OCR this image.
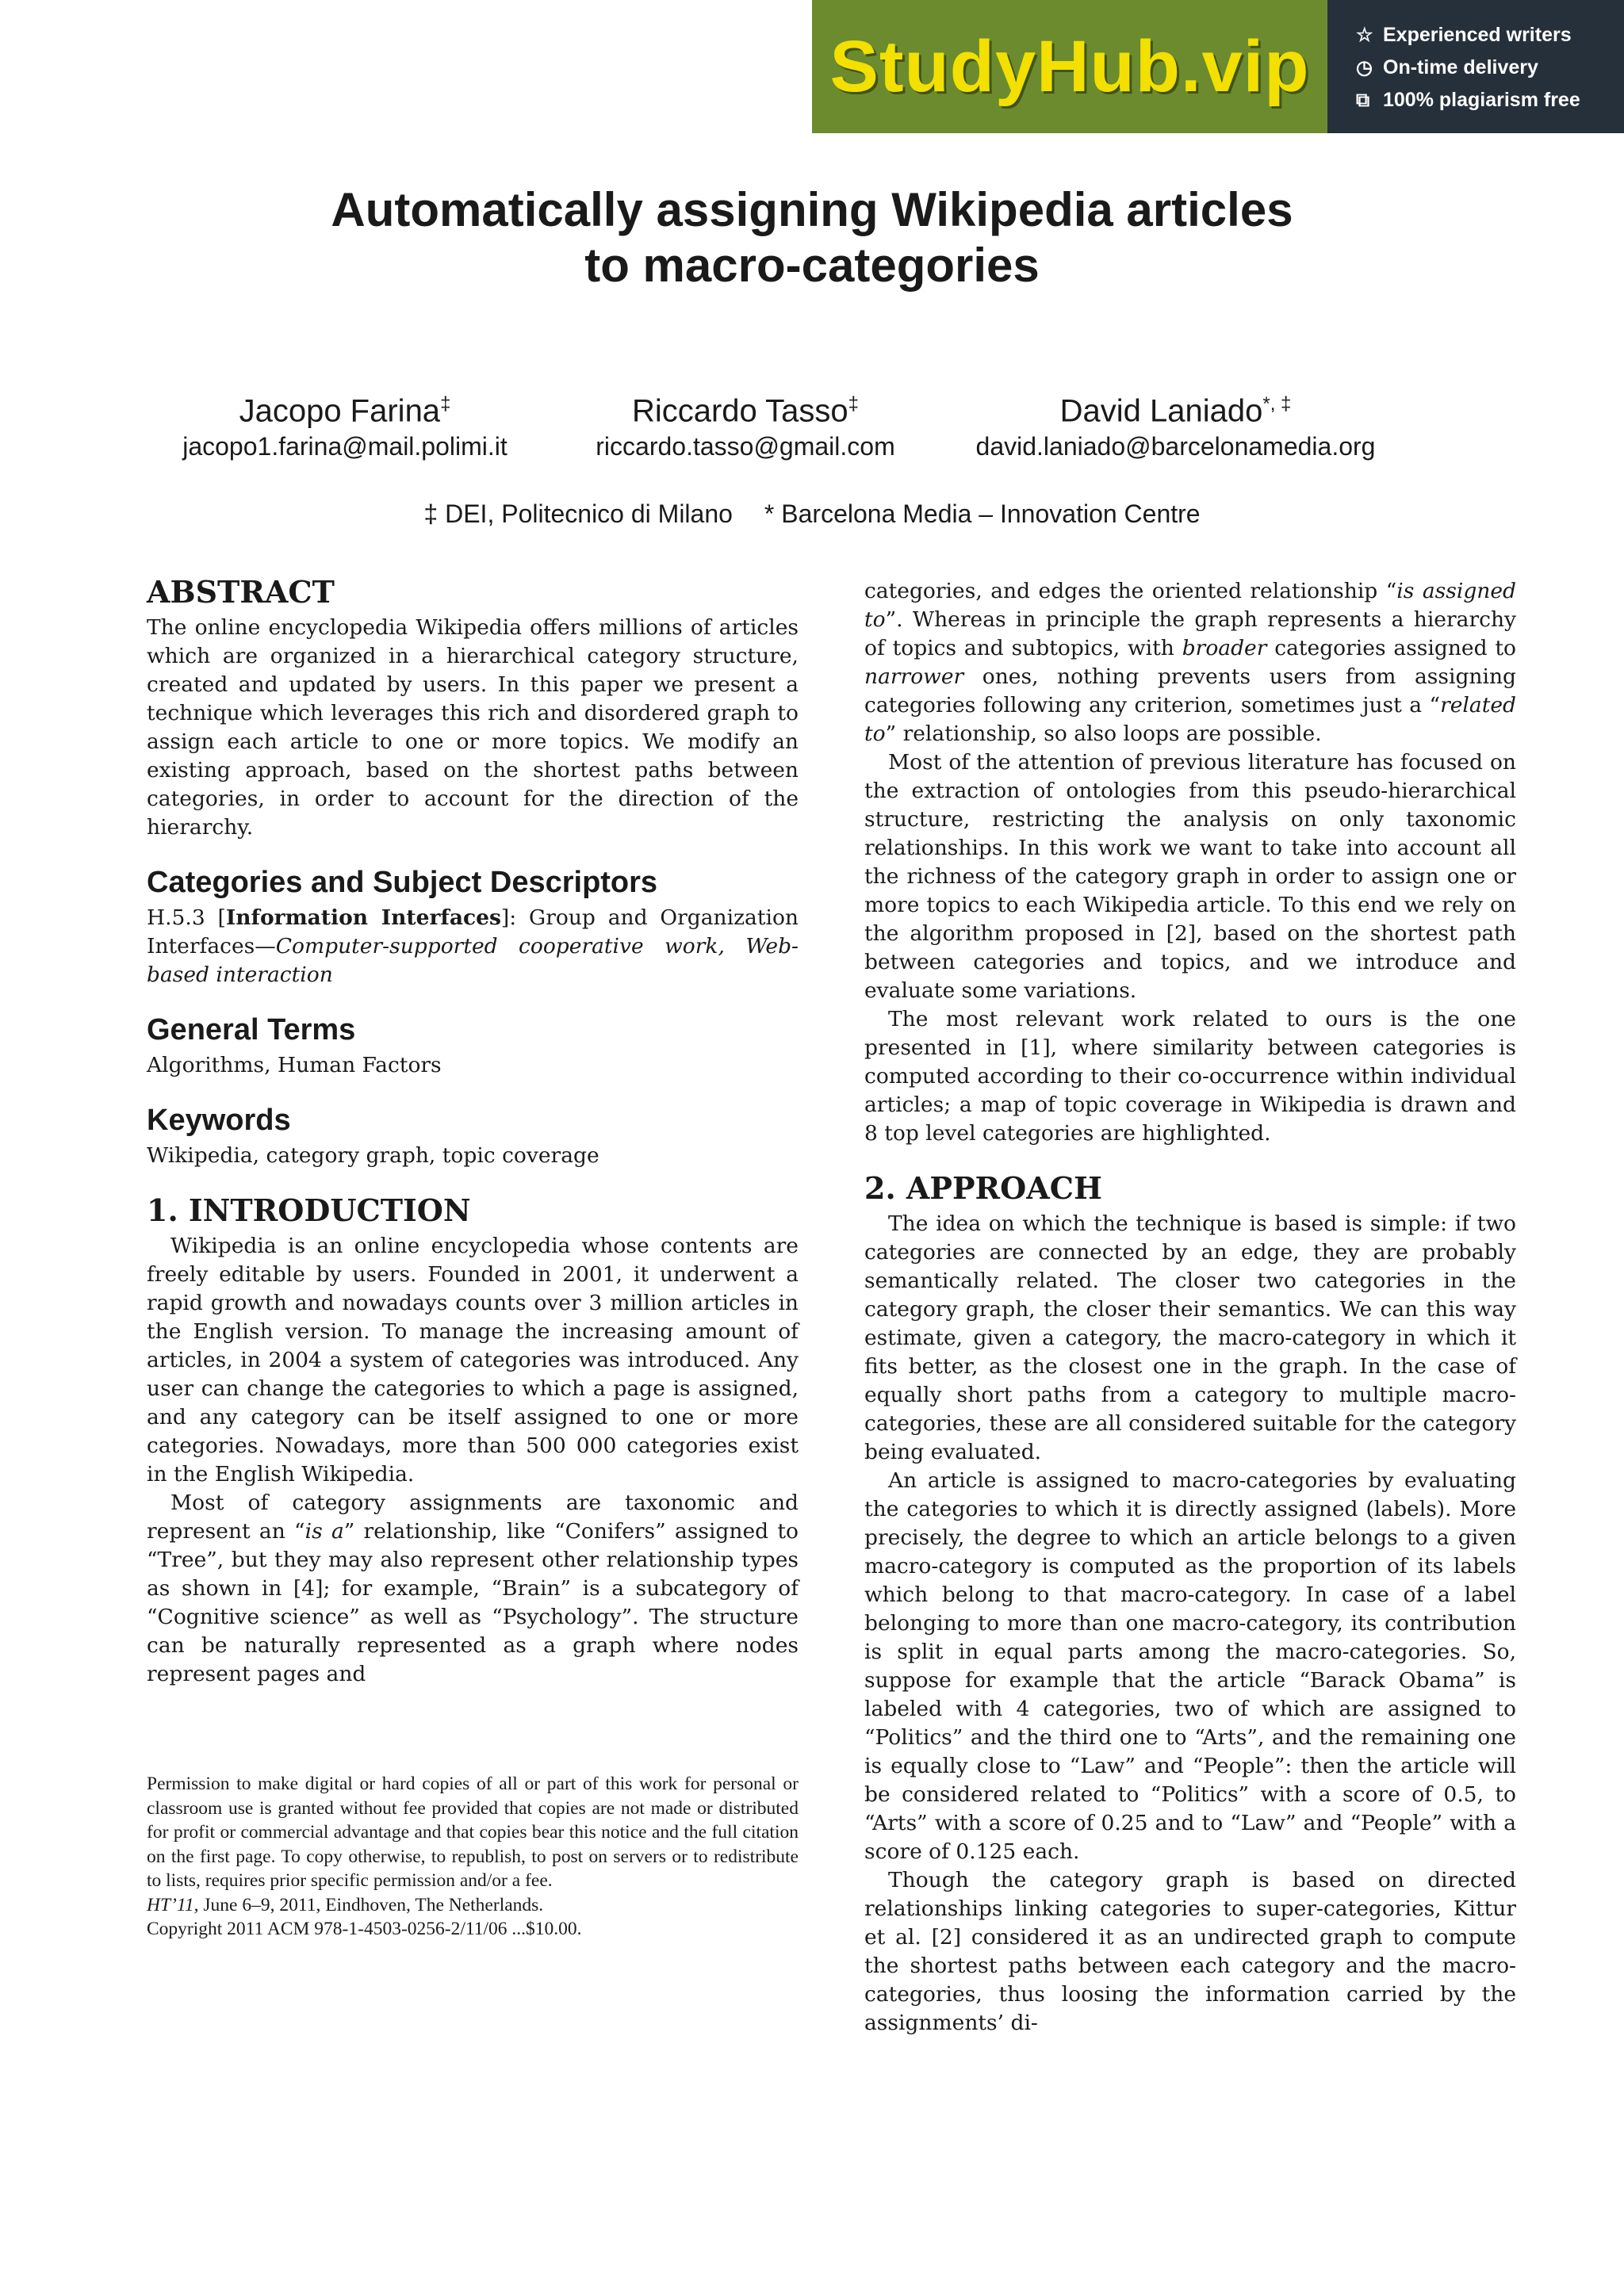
StudyHub.vip ☆ Experienced writers
◷ On-time delivery
⧉ 100% plagiarism free
Automatically assigning Wikipedia articles
to macro-categories
Jacopo Farina‡
jacopo1.farina@mail.polimi.it
Riccardo Tasso‡
riccardo.tasso@gmail.com
David Laniado*, ‡
david.laniado@barcelonamedia.org
‡ DEI, Politecnico di Milano * Barcelona Media – Innovation Centre
ABSTRACT

The online encyclopedia Wikipedia offers millions of articles which are organized in a hierarchical category structure, created and updated by users. In this paper we present a technique which leverages this rich and disordered graph to assign each article to one or more topics. We modify an existing approach, based on the shortest paths between categories, in order to account for the direction of the hierarchy.

Categories and Subject Descriptors

H.5.3 [Information Interfaces]: Group and Organization Interfaces—Computer-supported cooperative work, Web-based interaction

General Terms

Algorithms, Human Factors

Keywords

Wikipedia, category graph, topic coverage

1. INTRODUCTION

Wikipedia is an online encyclopedia whose contents are freely editable by users. Founded in 2001, it underwent a rapid growth and nowadays counts over 3 million articles in the English version. To manage the increasing amount of articles, in 2004 a system of categories was introduced. Any user can change the categories to which a page is assigned, and any category can be itself assigned to one or more categories. Nowadays, more than 500 000 categories exist in the English Wikipedia.

Most of category assignments are taxonomic and represent an “is a” relationship, like “Conifers” assigned to “Tree”, but they may also represent other relationship types as shown in [4]; for example, “Brain” is a subcategory of “Cognitive science” as well as “Psychology”. The structure can be naturally represented as a graph where nodes represent pages and

Permission to make digital or hard copies of all or part of this work for personal or classroom use is granted without fee provided that copies are not made or distributed for profit or commercial advantage and that copies bear this notice and the full citation on the first page. To copy otherwise, to republish, to post on servers or to redistribute to lists, requires prior specific permission and/or a fee.

HT’11, June 6–9, 2011, Eindhoven, The Netherlands.

Copyright 2011 ACM 978-1-4503-0256-2/11/06 ...$10.00.

categories, and edges the oriented relationship “is assigned to”. Whereas in principle the graph represents a hierarchy of topics and subtopics, with broader categories assigned to narrower ones, nothing prevents users from assigning categories following any criterion, sometimes just a “related to” relationship, so also loops are possible.

Most of the attention of previous literature has focused on the extraction of ontologies from this pseudo-hierarchical structure, restricting the analysis on only taxonomic relationships. In this work we want to take into account all the richness of the category graph in order to assign one or more topics to each Wikipedia article. To this end we rely on the algorithm proposed in [2], based on the shortest path between categories and topics, and we introduce and evaluate some variations.

The most relevant work related to ours is the one presented in [1], where similarity between categories is computed according to their co-occurrence within individual articles; a map of topic coverage in Wikipedia is drawn and 8 top level categories are highlighted.

2. APPROACH

The idea on which the technique is based is simple: if two categories are connected by an edge, they are probably semantically related. The closer two categories in the category graph, the closer their semantics. We can this way estimate, given a category, the macro-category in which it fits better, as the closest one in the graph. In the case of equally short paths from a category to multiple macro-categories, these are all considered suitable for the category being evaluated.

An article is assigned to macro-categories by evaluating the categories to which it is directly assigned (labels). More precisely, the degree to which an article belongs to a given macro-category is computed as the proportion of its labels which belong to that macro-category. In case of a label belonging to more than one macro-category, its contribution is split in equal parts among the macro-categories. So, suppose for example that the article “Barack Obama” is labeled with 4 categories, two of which are assigned to “Politics” and the third one to “Arts”, and the remaining one is equally close to “Law” and “People”: then the article will be considered related to “Politics” with a score of 0.5, to “Arts” with a score of 0.25 and to “Law” and “People” with a score of 0.125 each.

Though the category graph is based on directed relationships linking categories to super-categories, Kittur et al. [2] considered it as an undirected graph to compute the shortest paths between each category and the macro-categories, thus loosing the information carried by the assignments’ di-
